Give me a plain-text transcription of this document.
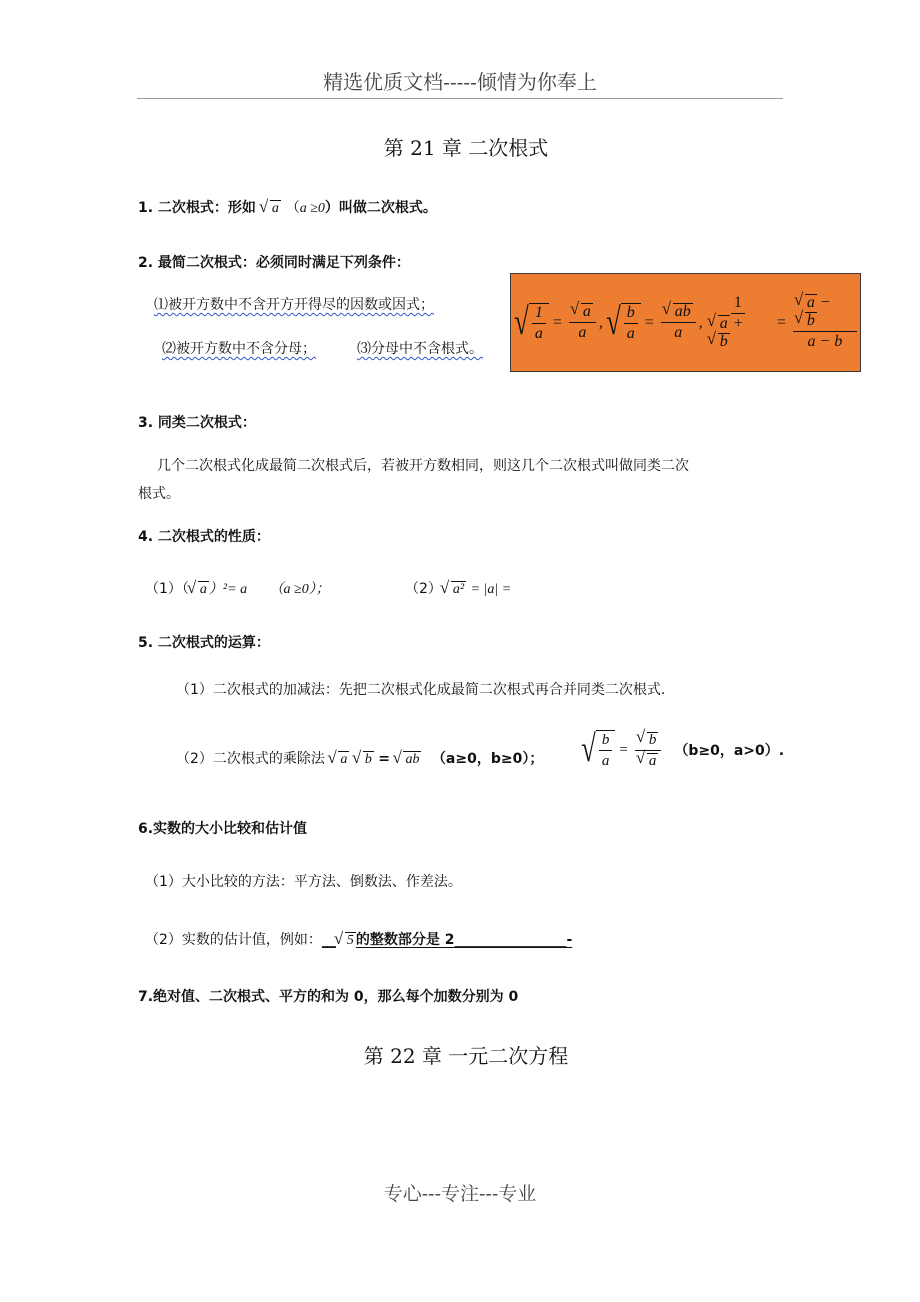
精选优质文档-----倾情为你奉上
第 21 章 二次根式
1. 二次根式：形如 √ a （a ≥0）叫做二次根式。
2. 最简二次根式：必须同时满足下列条件：
⑴被开方数中不含开方开得尽的因数或因式；
⑵被开方数中不含分母；	⑶分母中不含根式。
√ $\frac{1}{a}$ = √ $\frac{a}{a}$ , √ $\frac{b}{a}$ = √ $\frac{ab}{a}$ , 1
√ a + √ b = √ $\frac{a - √ b}{a - b}$
3. 同类二次根式：
几个二次根式化成最简二次根式后，若被开方数相同，则这几个二次根式叫做同类二次
根式。
4. 二次根式的性质：
（1）（ √ a ）²= a （a ≥0）；	（2） √ a² = |a| =
5. 二次根式的运算：
（1）二次根式的加减法：先把二次根式化成最简二次根式再合并同类二次根式.
（2）二次根式的乘除法 √ a √ b = √ ab （a≥0，b≥0）； √ $\frac{b}{a}$ = √ b
√ a （b≥0，a>0）.
6.实数的大小比较和估计值
（1）大小比较的方法：平方法、倒数法、作差法。
（2）实数的估计值，例如：__ √ 5 的整数部分是 2________________-
7.绝对值、二次根式、平方的和为 0，那么每个加数分别为 0
第 22 章 一元二次方程
专心---专注---专业
